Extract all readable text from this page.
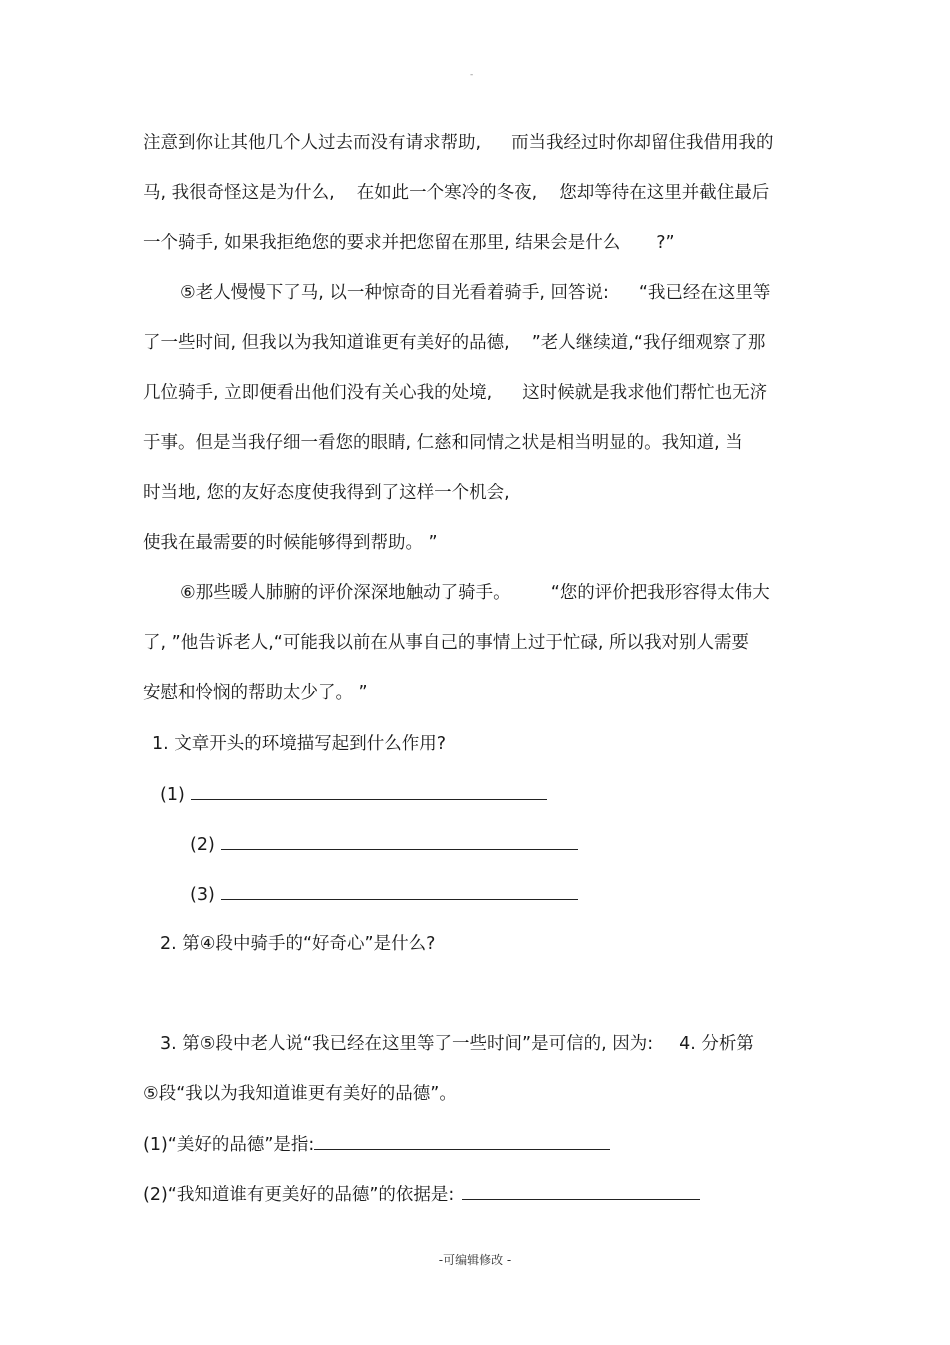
-
注意到你让其他几个人过去而没有请求帮助, 而当我经过时你却留住我借用我的
马, 我很奇怪这是为什么, 在如此一个寒冷的冬夜, 您却等待在这里并截住最后
一个骑手, 如果我拒绝您的要求并把您留在那里, 结果会是什么 ?”
⑤老人慢慢下了马, 以一种惊奇的目光看着骑手, 回答说: “我已经在这里等
了一些时间, 但我以为我知道谁更有美好的品德, ”老人继续道,“我仔细观察了那
几位骑手, 立即便看出他们没有关心我的处境, 这时候就是我求他们帮忙也无济
于事。但是当我仔细一看您的眼睛, 仁慈和同情之状是相当明显的。我知道, 当
时当地, 您的友好态度使我得到了这样一个机会,
使我在最需要的时候能够得到帮助。 ”
⑥那些暖人肺腑的评价深深地触动了骑手。 “您的评价把我形容得太伟大
了, ”他告诉老人,“可能我以前在从事自己的事情上过于忙碌, 所以我对别人需要
安慰和怜悯的帮助太少了。 ”
1. 文章开头的环境描写起到什么作用?
(1)
(2)
(3)
2. 第④段中骑手的“好奇心”是什么?
3. 第⑤段中老人说“我已经在这里等了一些时间”是可信的, 因为: 4. 分析第
⑤段“我以为我知道谁更有美好的品德”。
(1)“美好的品德”是指:
(2)“我知道谁有更美好的品德”的依据是:
-可编辑修改 -
